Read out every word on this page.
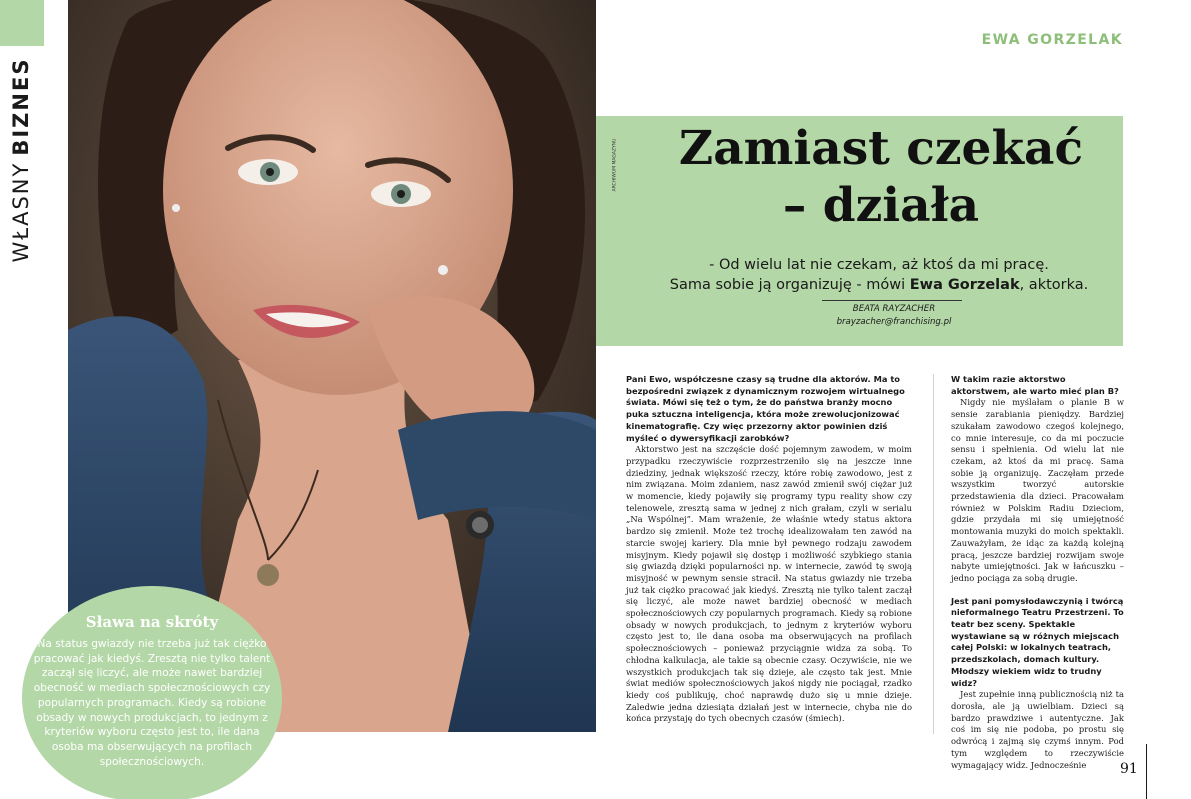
WŁASNYBIZNES
Sława na skróty
Na status gwiazdy nie trzeba już tak ciężko pracować jak kiedyś. Zresztą nie tylko talent zaczął się liczyć, ale może nawet bardziej obecność w mediach społecznościowych czy popularnych programach. Kiedy są robione obsady w nowych produkcjach, to jednym z kryteriów wyboru często jest to, ile dana osoba ma obserwujących na profilach społecznościowych.
EWA GORZELAK
ARCHIWUM MAGAZYNU	Zamiast czekać
– działa
- Od wielu lat nie czekam, aż ktoś da mi pracę.
Sama sobie ją organizuję - mówi Ewa Gorzelak, aktorka.
BEATA RAYZACHER
brayzacher@franchising.pl

Pani Ewo, współczesne czasy są trudne dla aktorów. Ma to bezpośredni związek z dynamicznym rozwojem wirtualnego świata. Mówi się też o tym, że do państwa branży mocno puka sztuczna inteligencja, która może zrewolucjonizować kinematografię. Czy więc przezorny aktor powinien dziś myśleć o dywersyfikacji zarobków?

Aktorstwo jest na szczęście dość pojemnym zawodem, w moim przypadku rzeczywiście rozprzestrzeniło się na jeszcze inne dziedziny, jednak większość rzeczy, które robię zawodowo, jest z nim związana. Moim zdaniem, nasz zawód zmienił swój ciężar już w momencie, kiedy pojawiły się programy typu reality show czy telenowele, zresztą sama w jednej z nich grałam, czyli w serialu „Na Wspólnej”. Mam wrażenie, że właśnie wtedy status aktora bardzo się zmienił. Może też trochę idealizowałam ten zawód na starcie swojej kariery. Dla mnie był pewnego rodzaju zawodem misyjnym. Kiedy pojawił się dostęp i możliwość szybkiego stania się gwiazdą dzięki popularności np. w internecie, zawód tę swoją misyjność w pewnym sensie stracił. Na status gwiazdy nie trzeba już tak ciężko pracować jak kiedyś. Zresztą nie tylko talent zaczął się liczyć, ale może nawet bardziej obecność w mediach społecznościowych czy popularnych programach. Kiedy są robione obsady w nowych produkcjach, to jednym z kryteriów wyboru często jest to, ile dana osoba ma obserwujących na profilach społecznościowych – ponieważ przyciągnie widza za sobą. To chłodna kalkulacja, ale takie są obecnie czasy. Oczywiście, nie we wszystkich produkcjach tak się dzieje, ale często tak jest. Mnie świat mediów społecznościowych jakoś nigdy nie pociągał, rzadko kiedy coś publikuję, choć naprawdę dużo się u mnie dzieje. Zaledwie jedna dziesiąta działań jest w internecie, chyba nie do końca przystaję do tych obecnych czasów (śmiech).

W takim razie aktorstwo aktorstwem, ale warto mieć plan B?

Nigdy nie myślałam o planie B w sensie zarabiania pieniędzy. Bardziej szukałam zawodowo czegoś kolejnego, co mnie interesuje, co da mi poczucie sensu i spełnienia. Od wielu lat nie czekam, aż ktoś da mi pracę. Sama sobie ją organizuję. Zaczęłam przede wszystkim tworzyć autorskie przedstawienia dla dzieci. Pracowałam również w Polskim Radiu Dzieciom, gdzie przydała mi się umiejętność montowania muzyki do moich spektakli. Zauważyłam, że idąc za każdą kolejną pracą, jeszcze bardziej rozwijam swoje nabyte umiejętności. Jak w łańcuszku – jedno pociąga za sobą drugie.

Jest pani pomysłodawczynią i twórcą nieformalnego Teatru Przestrzeni. To teatr bez sceny. Spektakle wystawiane są w różnych miejscach całej Polski: w lokalnych teatrach, przedszkolach, domach kultury. Młodszy wiekiem widz to trudny widz?

Jest zupełnie inną publicznością niż ta dorosła, ale ją uwielbiam. Dzieci są bardzo prawdziwe i autentyczne. Jak coś im się nie podoba, po prostu się odwrócą i zajmą się czymś innym. Pod tym względem to rzeczywiście wymagający widz. Jednocześnie	91
